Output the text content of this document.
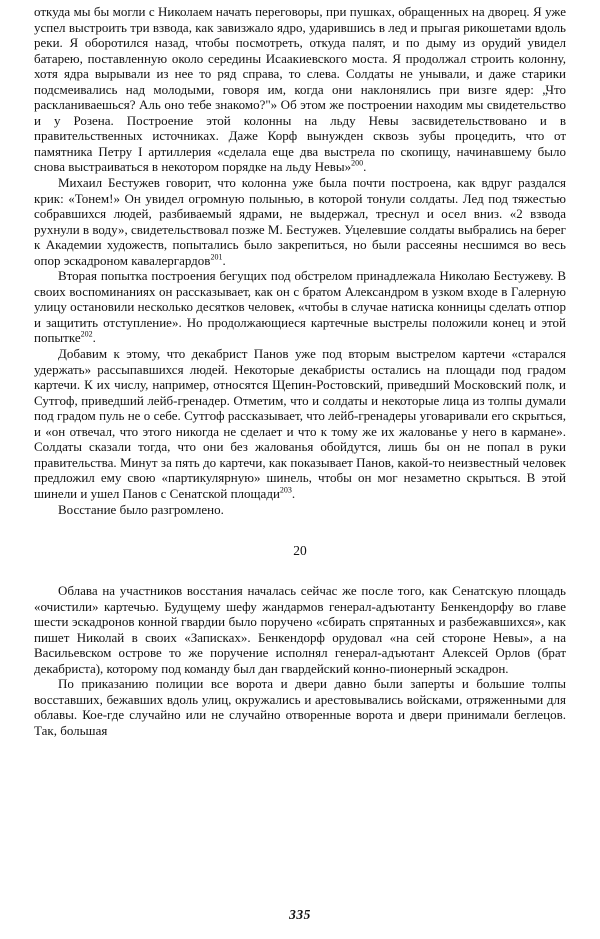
откуда мы бы могли с Николаем начать переговоры, при пушках, обращенных на дворец. Я уже успел выстроить три взвода, как завизжало ядро, ударившись в лед и прыгая рикошетами вдоль реки. Я оборотился назад, чтобы посмотреть, откуда палят, и по дыму из орудий увидел батарею, поставленную около середины Исаакиевского моста. Я продолжал строить колонну, хотя ядра вырывали из нее то ряд справа, то слева. Солдаты не унывали, и даже старики подсмеивались над молодыми, говоря им, когда они наклонялись при визге ядер: „Что раскланиваешься? Аль оно тебе знакомо?"» Об этом же построении находим мы свидетельство и у Розена. Построение этой колонны на льду Невы засвидетельствовано и в правительственных источниках. Даже Корф вынужден сквозь зубы процедить, что от памятника Петру I артиллерия «сделала еще два выстрела по скопищу, начинавшему было снова выстраиваться в некотором порядке на льду Невы»$^{200}$.

Михаил Бестужев говорит, что колонна уже была почти построена, как вдруг раздался крик: «Тонем!» Он увидел огромную полынью, в которой тонули солдаты. Лед под тяжестью собравшихся людей, разбиваемый ядрами, не выдержал, треснул и осел вниз. «2 взвода рухнули в воду», свидетельствовал позже М. Бестужев. Уцелевшие солдаты выбрались на берег к Академии художеств, попытались было закрепиться, но были рассеяны несшимся во весь опор эскадроном кавалергардов$^{201}$.

Вторая попытка построения бегущих под обстрелом принадлежала Николаю Бестужеву. В своих воспоминаниях он рассказывает, как он с братом Александром в узком входе в Галерную улицу остановили несколько десятков человек, «чтобы в случае натиска конницы сделать отпор и защитить отступление». Но продолжающиеся картечные выстрелы положили конец и этой попытке$^{202}$.

Добавим к этому, что декабрист Панов уже под вторым выстрелом картечи «старался удержать» рассыпавшихся людей. Некоторые декабристы остались на площади под градом картечи. К их числу, например, относятся Щепин-Ростовский, приведший Московский полк, и Сутгоф, приведший лейб-гренадер. Отметим, что и солдаты и некоторые лица из толпы думали под градом пуль не о себе. Сутгоф рассказывает, что лейб-гренадеры уговаривали его скрыться, и «он отвечал, что этого никогда не сделает и что к тому же их жалованье у него в кармане». Солдаты сказали тогда, что они без жалованья обойдутся, лишь бы он не попал в руки правительства. Минут за пять до картечи, как показывает Панов, какой-то неизвестный человек предложил ему свою «партикулярную» шинель, чтобы он мог незаметно скрыться. В этой шинели и ушел Панов с Сенатской площади$^{203}$.

Восстание было разгромлено.

20

Облава на участников восстания началась сейчас же после того, как Сенатскую площадь «очистили» картечью. Будущему шефу жандармов генерал-адъютанту Бенкендорфу во главе шести эскадронов конной гвардии было поручено «сбирать спрятанных и разбежавшихся», как пишет Николай в своих «Записках». Бенкендорф орудовал «на сей стороне Невы», а на Васильевском острове то же поручение исполнял генерал-адъютант Алексей Орлов (брат декабриста), которому под команду был дан гвардейский конно-пионерный эскадрон.

По приказанию полиции все ворота и двери давно были заперты и большие толпы восставших, бежавших вдоль улиц, окружались и арестовывались войсками, отряженными для облавы. Кое-где случайно или не случайно отворенные ворота и двери принимали беглецов. Так, большая

335
